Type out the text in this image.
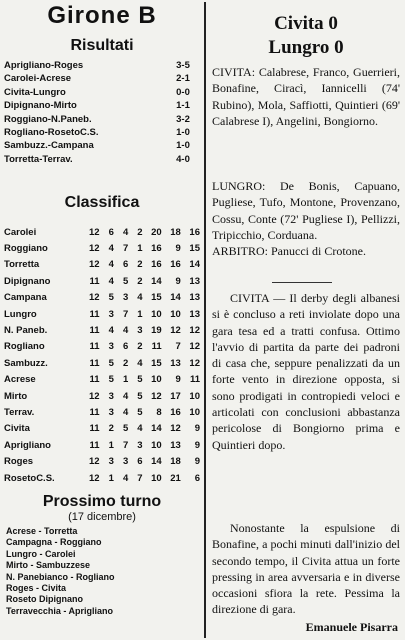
Girone B
Risultati
Aprigliano-Roges	3-5
Carolei-Acrese	2-1
Civita-Lungro	0-0
Dipignano-Mirto	1-1
Roggiano-N.Paneb.	3-2
Rogliano-RosetoC.S.	1-0
Sambuzz.-Campana	1-0
Torretta-Terrav.	4-0
Classifica
Carolei	12	6	4	2	20	18	16
Roggiano	12	4	7	1	16	9	15
Torretta	12	4	6	2	16	16	14
Dipignano	11	4	5	2	14	9	13
Campana	12	5	3	4	15	14	13
Lungro	11	3	7	1	10	10	13
N. Paneb.	11	4	4	3	19	12	12
Rogliano	11	3	6	2	11	7	12
Sambuzz.	11	5	2	4	15	13	12
Acrese	11	5	1	5	10	9	11
Mirto	12	3	4	5	12	17	10
Terrav.	11	3	4	5	8	16	10
Civita	11	2	5	4	14	12	9
Aprigliano	11	1	7	3	10	13	9
Roges	12	3	3	6	14	18	9
RosetoC.S.	12	1	4	7	10	21	6
Prossimo turno
(17 dicembre)
Acrese - Torretta
Campagna - Roggiano
Lungro - Carolei
Mirto - Sambuzzese
N. Panebianco - Rogliano
Roges - Civita
Roseto Dipignano
Terravecchia - Aprigliano
Civita 0
Lungro 0
CIVITA: Calabrese, Franco, Guerrieri, Bonafine, Ciracì, Iannicelli (74' Rubino), Mola, Saffiotti, Quintieri (69' Calabrese I), Angelini, Bongiorno.
LUNGRO: De Bonis, Capuano, Pugliese, Tufo, Montone, Provenzano, Cossu, Conte (72' Pugliese I), Pellizzi, Tripicchio, Corduana.
ARBITRO: Panucci di Crotone.
CIVITA — Il derby degli albanesi si è concluso a reti inviolate dopo una gara tesa ed a tratti confusa. Ottimo l'avvio di partita da parte dei padroni di casa che, seppure penalizzati da un forte vento in direzione opposta, si sono prodigati in contropiedi veloci e articolati con conclusioni abbastanza pericolose di Bongiorno prima e Quintieri dopo.
Nonostante la espulsione di Bonafine, a pochi minuti dall'inizio del secondo tempo, il Civita attua un forte pressing in area avversaria e in diverse occasioni sfiora la rete. Pessima la direzione di gara.
Emanuele Pisarra
